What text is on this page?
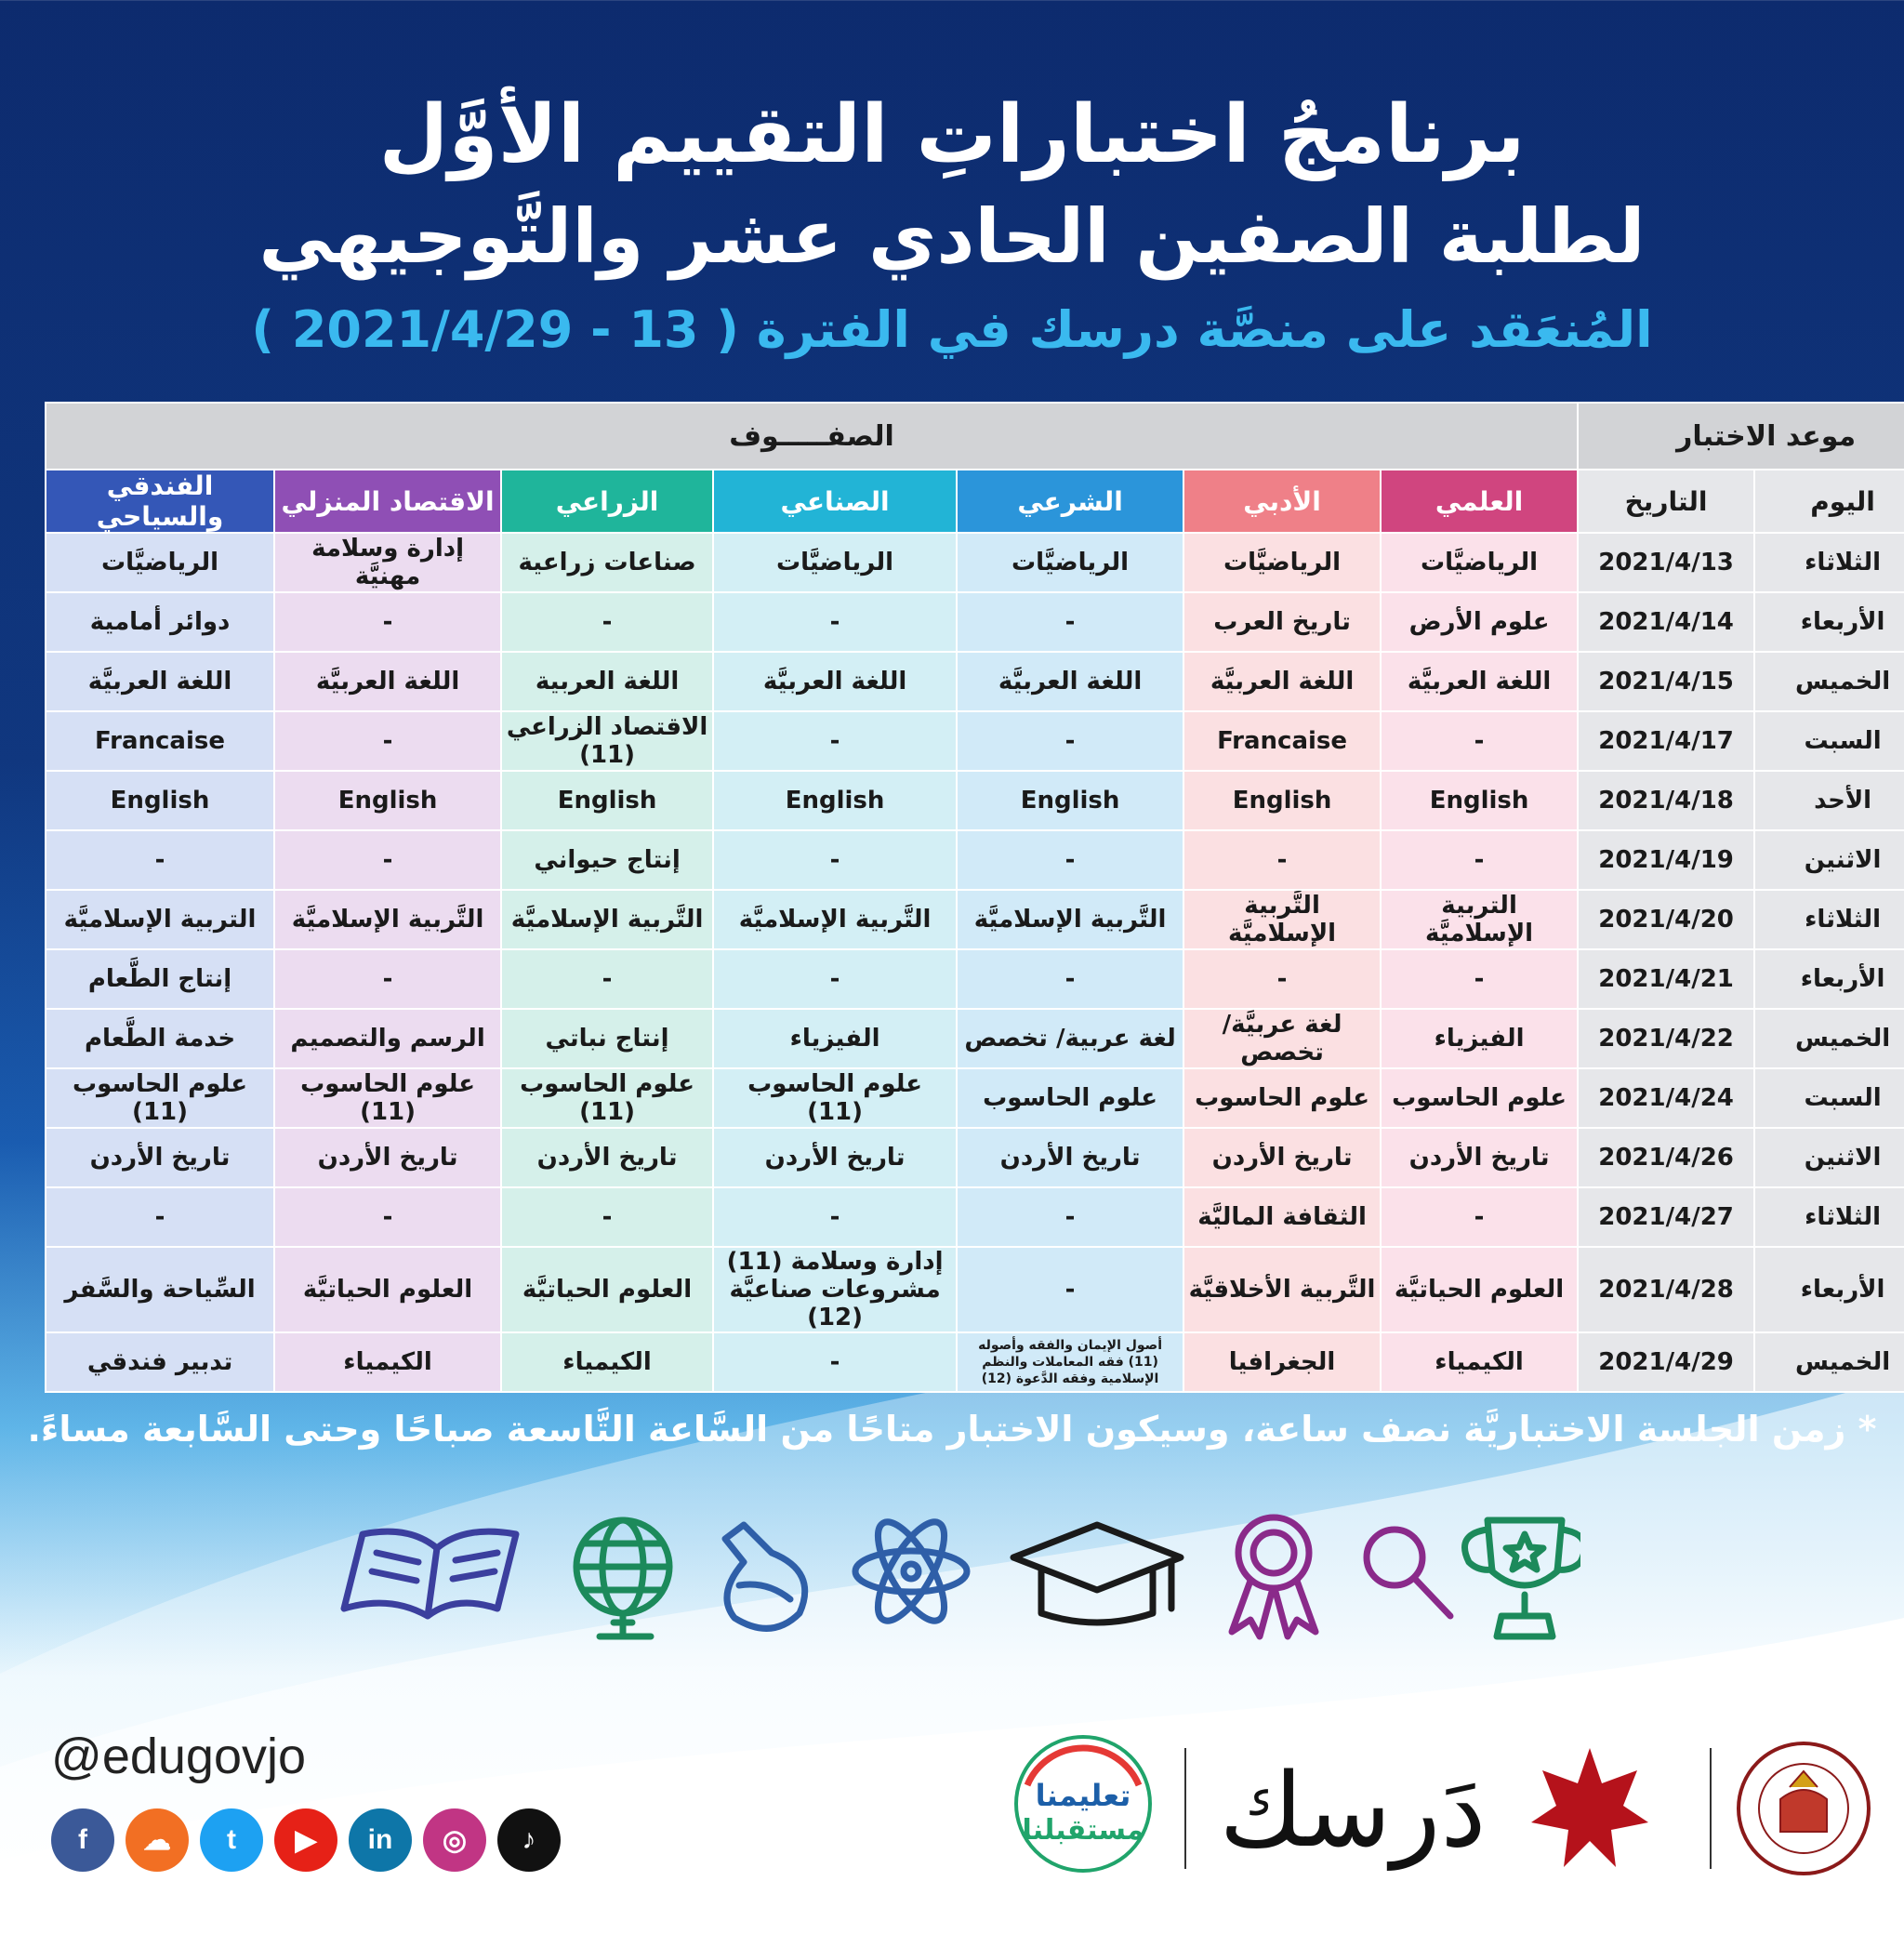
برنامجُ اختباراتِ التقييم الأوَّل
لطلبة الصفين الحادي عشر والتَّوجيهي
المُنعَقد على منصَّة درسك في الفترة ( 13 - 2021/4/29 )
موعد الاختبار		الصفـــــوف						
اليوم	التاريخ	العلمي	الأدبي	الشرعي	الصناعي	الزراعي	الاقتصاد المنزلي	الفندقي والسياحي
الثلاثاء	2021/4/13	الرياضيَّات	الرياضيَّات	الرياضيَّات	الرياضيَّات	صناعات زراعية	إدارة وسلامة مهنيَّة	الرياضيَّات
الأربعاء	2021/4/14	علوم الأرض	تاريخ العرب	-	-	-	-	دوائر أمامية
الخميس	2021/4/15	اللغة العربيَّة	اللغة العربيَّة	اللغة العربيَّة	اللغة العربيَّة	اللغة العربية	اللغة العربيَّة	اللغة العربيَّة
السبت	2021/4/17	-	Francaise	-	-	الاقتصاد الزراعي (11)	-	Francaise
الأحد	2021/4/18	English	English	English	English	English	English	English
الاثنين	2021/4/19	-	-	-	-	إنتاج حيواني	-	-
الثلاثاء	2021/4/20	التربية الإسلاميَّة	التَّربية الإسلاميَّة	التَّربية الإسلاميَّة	التَّربية الإسلاميَّة	التَّربية الإسلاميَّة	التَّربية الإسلاميَّة	التربية الإسلاميَّة
الأربعاء	2021/4/21	-	-	-	-	-	-	إنتاج الطَّعام
الخميس	2021/4/22	الفيزياء	لغة عربيَّة/ تخصص	لغة عربية/ تخصص	الفيزياء	إنتاج نباتي	الرسم والتصميم	خدمة الطَّعام
السبت	2021/4/24	علوم الحاسوب	علوم الحاسوب	علوم الحاسوب	علوم الحاسوب (11)	علوم الحاسوب (11)	علوم الحاسوب (11)	علوم الحاسوب (11)
الاثنين	2021/4/26	تاريخ الأردن	تاريخ الأردن	تاريخ الأردن	تاريخ الأردن	تاريخ الأردن	تاريخ الأردن	تاريخ الأردن
الثلاثاء	2021/4/27	-	الثقافة الماليَّة	-	-	-	-	-
الأربعاء	2021/4/28	العلوم الحياتيَّة	التَّربية الأخلاقيَّة	-	إدارة وسلامة (11) مشروعات صناعيَّة (12)	العلوم الحياتيَّة	العلوم الحياتيَّة	السِّياحة والسَّفر
الخميس	2021/4/29	الكيمياء	الجغرافيا	أصول الإيمان والفقه وأصوله (11) فقه المعاملات والنظم الإسلامية وفقه الدَّعوة (12)	-	الكيمياء	الكيمياء	تدبير فندقي
* زمن الجلسة الاختباريَّة نصف ساعة، وسيكون الاختبار متاحًا من السَّاعة التَّاسعة صباحًا وحتى السَّابعة مساءً.
@edugovjo
f	☁	t	▶	in	◎	♪
تعليمنا
مستقبلنا دَرسك
